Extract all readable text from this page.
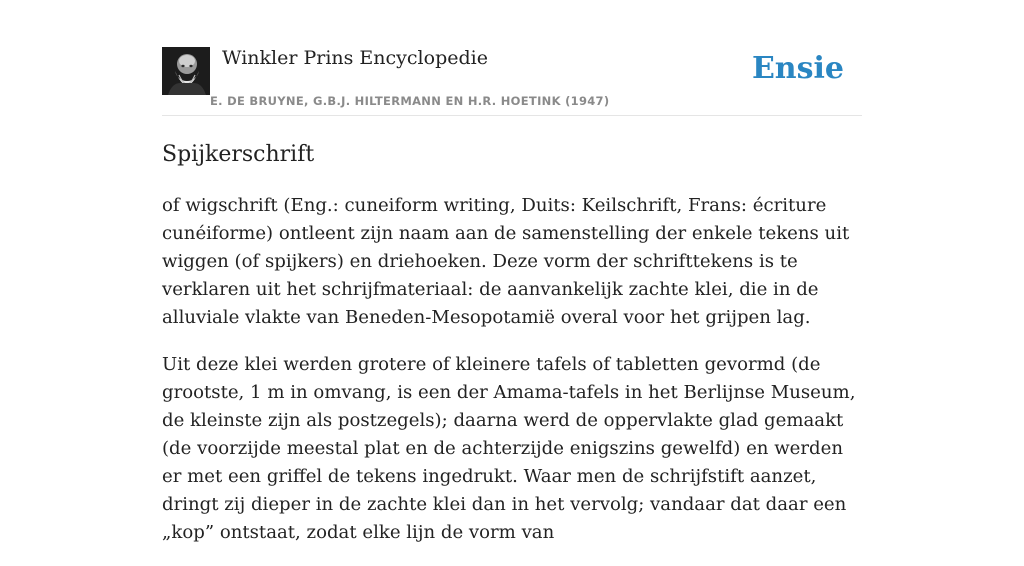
Winkler Prins Encyclopedie
E. DE BRUYNE, G.B.J. HILTERMANN EN H.R. HOETINK (1947)
Ensie
Spijkerschrift

of wigschrift (Eng.: cuneiform writing, Duits: Keilschrift, Frans: écriture cunéiforme) ontleent zijn naam aan de samenstelling der enkele tekens uit wiggen (of spijkers) en driehoeken. Deze vorm der schrifttekens is te verklaren uit het schrijfmateriaal: de aanvankelijk zachte klei, die in de alluviale vlakte van Beneden-Mesopotamië overal voor het grijpen lag.

Uit deze klei werden grotere of kleinere tafels of tabletten gevormd (de grootste, 1 m in omvang, is een der Amama-tafels in het Berlijnse Museum, de kleinste zijn als postzegels); daarna werd de oppervlakte glad gemaakt (de voorzijde meestal plat en de achterzijde enigszins gewelfd) en werden er met een griffel de tekens ingedrukt. Waar men de schrijfstift aanzet, dringt zij dieper in de zachte klei dan in het vervolg; vandaar dat daar een „kop” ontstaat, zodat elke lijn de vorm van
